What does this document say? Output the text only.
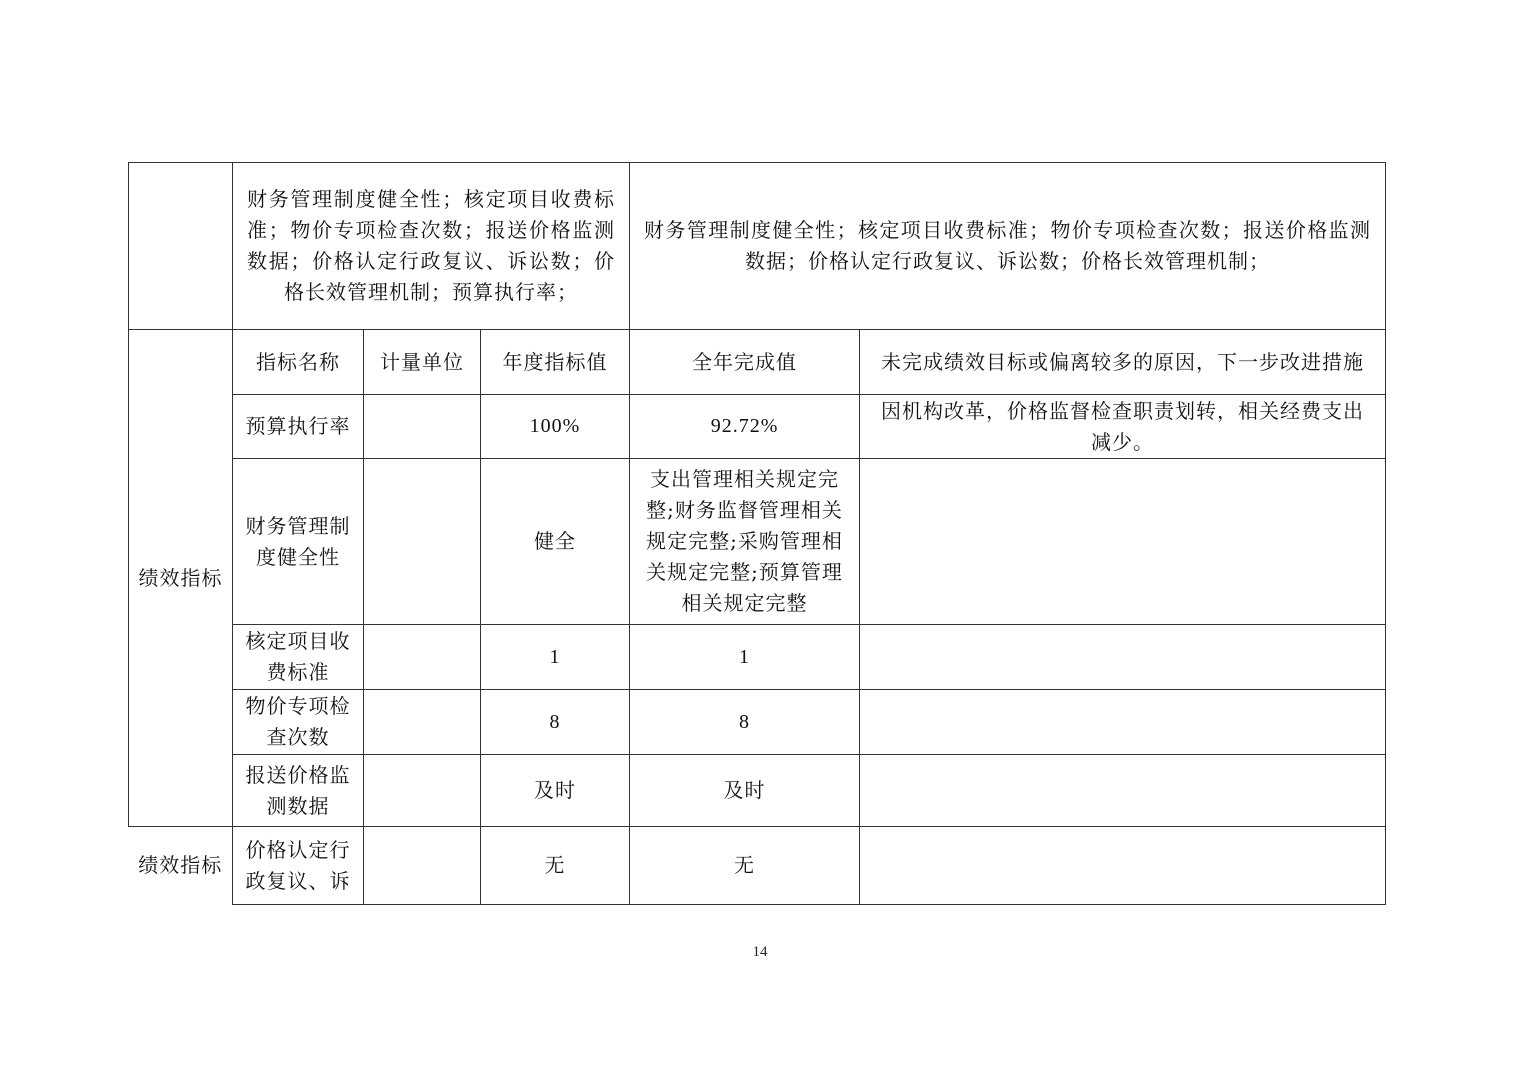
	财务管理制度健全性；核定项目收费标准；物价专项检查次数；报送价格监测数据；价格认定行政复议、诉讼数；价格长效管理机制；预算执行率；			财务管理制度健全性；核定项目收费标准；物价专项检查次数；报送价格监测数据；价格认定行政复议、诉讼数；价格长效管理机制；	
绩效指标	指标名称	计量单位	年度指标值	全年完成值	未完成绩效目标或偏离较多的原因，下一步改进措施
	预算执行率		100%	92.72%	因机构改革，价格监督检查职责划转，相关经费支出减少。
	财务管理制度健全性		健全	支出管理相关规定完整;财务监督管理相关规定完整;采购管理相关规定完整;预算管理相关规定完整	
	核定项目收费标准		1	1	
	物价专项检查次数		8	8	
	报送价格监测数据		及时	及时	
绩效指标	价格认定行政复议、诉		无	无	
14
